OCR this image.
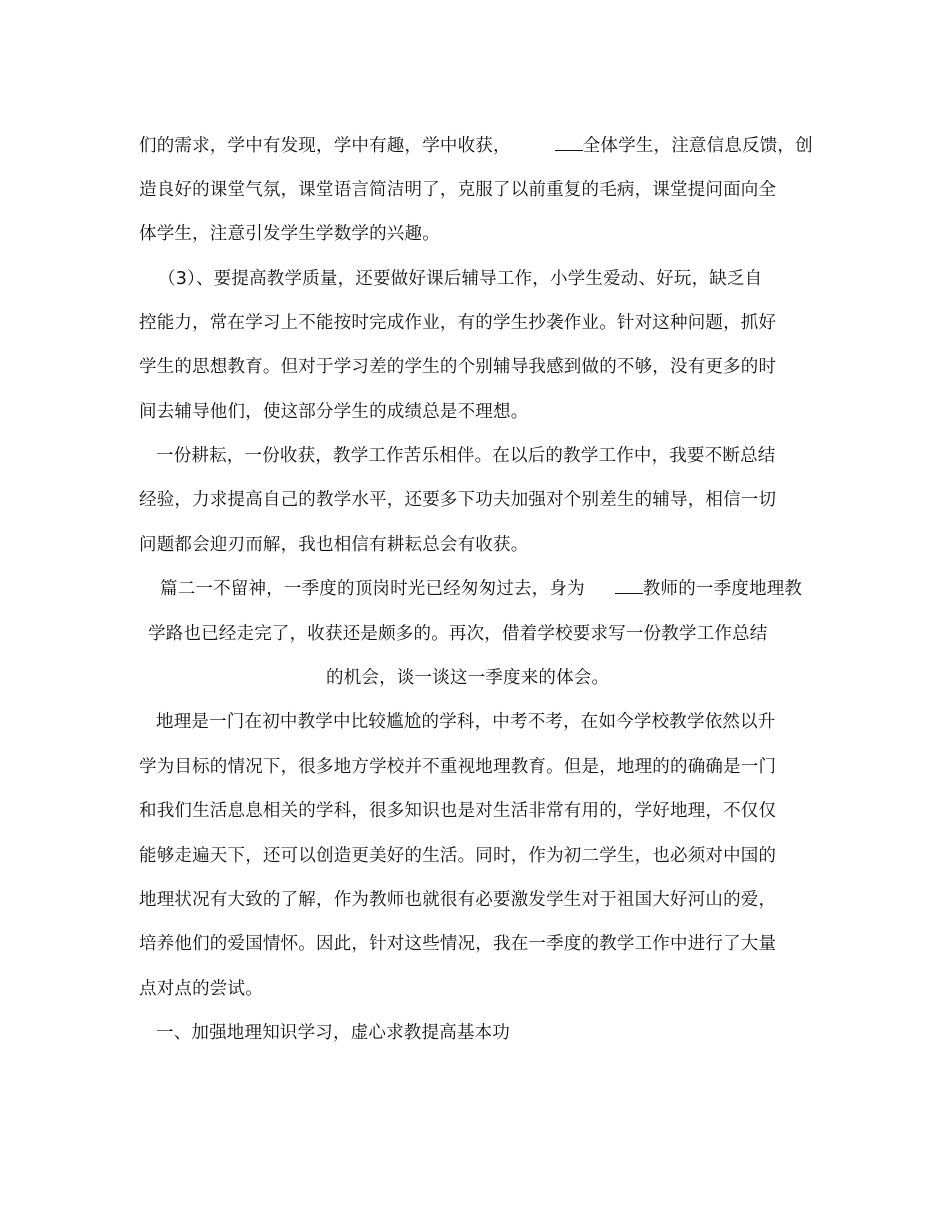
们的需求，学中有发现，学中有趣，学中收获，	全体学生，注意信息反馈，创
造良好的课堂气氛，课堂语言简洁明了，克服了以前重复的毛病，课堂提问面向全
体学生，注意引发学生学数学的兴趣。
（3）、要提高教学质量，还要做好课后辅导工作，小学生爱动、好玩，缺乏自
控能力，常在学习上不能按时完成作业，有的学生抄袭作业。针对这种问题，抓好
学生的思想教育。但对于学习差的学生的个别辅导我感到做的不够，没有更多的时
间去辅导他们，使这部分学生的成绩总是不理想。
一份耕耘，一份收获，教学工作苦乐相伴。在以后的教学工作中，我要不断总结
经验，力求提高自己的教学水平，还要多下功夫加强对个别差生的辅导，相信一切
问题都会迎刃而解，我也相信有耕耘总会有收获。
篇二一不留神，一季度的顶岗时光已经匆匆过去，身为	教师的一季度地理教
学路也已经走完了，收获还是颇多的。再次，借着学校要求写一份教学工作总结
的机会，谈一谈这一季度来的体会。
地理是一门在初中教学中比较尴尬的学科，中考不考，在如今学校教学依然以升
学为目标的情况下，很多地方学校并不重视地理教育。但是，地理的的确确是一门
和我们生活息息相关的学科，很多知识也是对生活非常有用的，学好地理，不仅仅
能够走遍天下，还可以创造更美好的生活。同时，作为初二学生，也必须对中国的
地理状况有大致的了解，作为教师也就很有必要激发学生对于祖国大好河山的爱，
培养他们的爱国情怀。因此，针对这些情况，我在一季度的教学工作中进行了大量
点对点的尝试。
一、加强地理知识学习，虚心求教提高基本功
